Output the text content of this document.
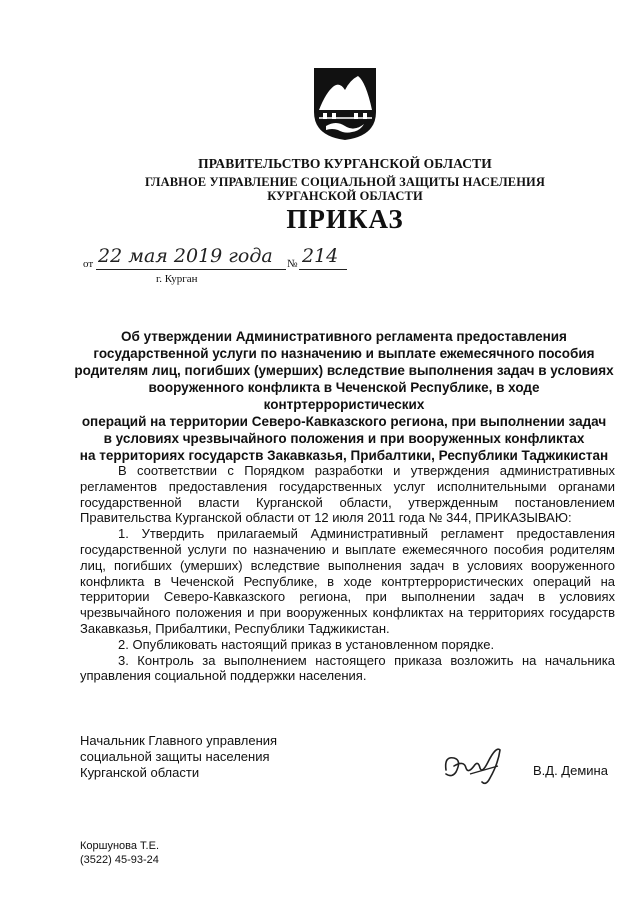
ПРАВИТЕЛЬСТВО КУРГАНСКОЙ ОБЛАСТИ
ГЛАВНОЕ УПРАВЛЕНИЕ СОЦИАЛЬНОЙ ЗАЩИТЫ НАСЕЛЕНИЯ
КУРГАНСКОЙ ОБЛАСТИ
ПРИКАЗ
от 22 мая 2019 года № 214
г. Курган
Об утверждении Административного регламента предоставления
государственной услуги по назначению и выплате ежемесячного пособия
родителям лиц, погибших (умерших) вследствие выполнения задач в условиях
вооруженного конфликта в Чеченской Республике, в ходе контртеррористических
операций на территории Северо-Кавказского региона, при выполнении задач
в условиях чрезвычайного положения и при вооруженных конфликтах
на территориях государств Закавказья, Прибалтики, Республики Таджикистан

В соответствии с Порядком разработки и утверждения административных регламентов предоставления государственных услуг исполнительными органами государственной власти Курганской области, утвержденным постановлением Правительства Курганской области от 12 июля 2011 года № 344, ПРИКАЗЫВАЮ:

1. Утвердить прилагаемый Административный регламент предоставления государственной услуги по назначению и выплате ежемесячного пособия родителям лиц, погибших (умерших) вследствие выполнения задач в условиях вооруженного конфликта в Чеченской Республике, в ходе контртеррористических операций на территории Северо-Кавказского региона, при выполнении задач в условиях чрезвычайного положения и при вооруженных конфликтах на территориях государств Закавказья, Прибалтики, Республики Таджикистан.

2. Опубликовать настоящий приказ в установленном порядке.

3. Контроль за выполнением настоящего приказа возложить на начальника управления социальной поддержки населения.

Начальник Главного управления
социальной защиты населения
Курганской области	В.Д. Демина
Коршунова Т.Е.
(3522) 45-93-24
